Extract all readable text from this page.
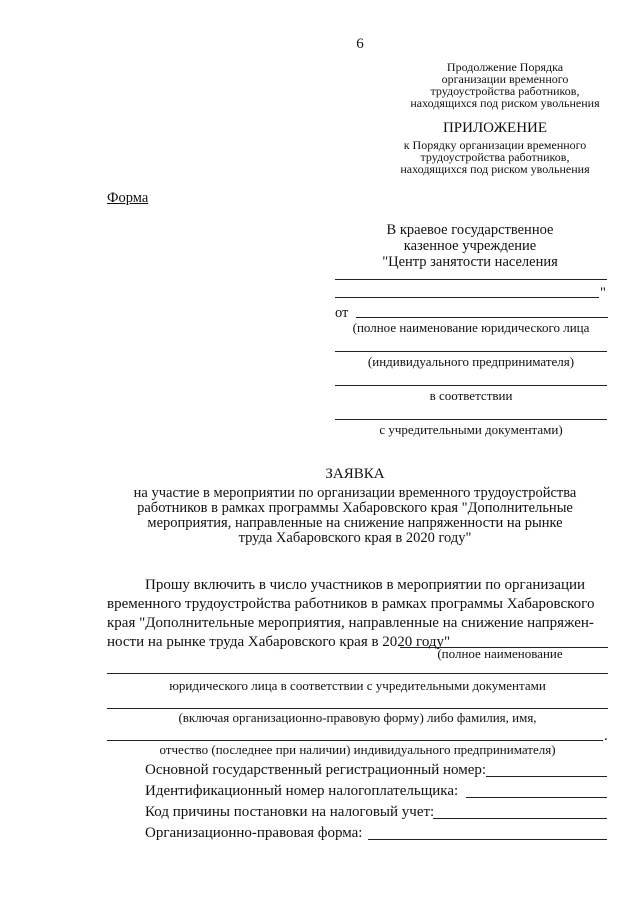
6
Продолжение Порядка
организации временного
трудоустройства работников,
находящихся под риском увольнения
ПРИЛОЖЕНИЕ
к Порядку организации временного
трудоустройства работников,
находящихся под риском увольнения
Форма
В краевое государственное
казенное учреждение
"Центр занятости населения
"
от
(полное наименование юридического лица
(индивидуального предпринимателя)
в соответствии
с учредительными документами)
ЗАЯВКА
на участие в мероприятии по организации временного трудоустройства
работников в рамках программы Хабаровского края "Дополнительные
мероприятия, направленные на снижение напряженности на рынке
труда Хабаровского края в 2020 году"
Прошу включить в число участников в мероприятии по организации
временного трудоустройства работников в рамках программы Хабаровского
края "Дополнительные мероприятия, направленные на снижение напряжен-
ности на рынке труда Хабаровского края в 2020 году"
(полное наименование
юридического лица в соответствии с учредительными документами
(включая организационно-правовую форму) либо фамилия, имя,
.
отчество (последнее при наличии) индивидуального предпринимателя)
Основной государственный регистрационный номер:
Идентификационный номер налогоплательщика:
Код причины постановки на налоговый учет:
Организационно-правовая форма:
